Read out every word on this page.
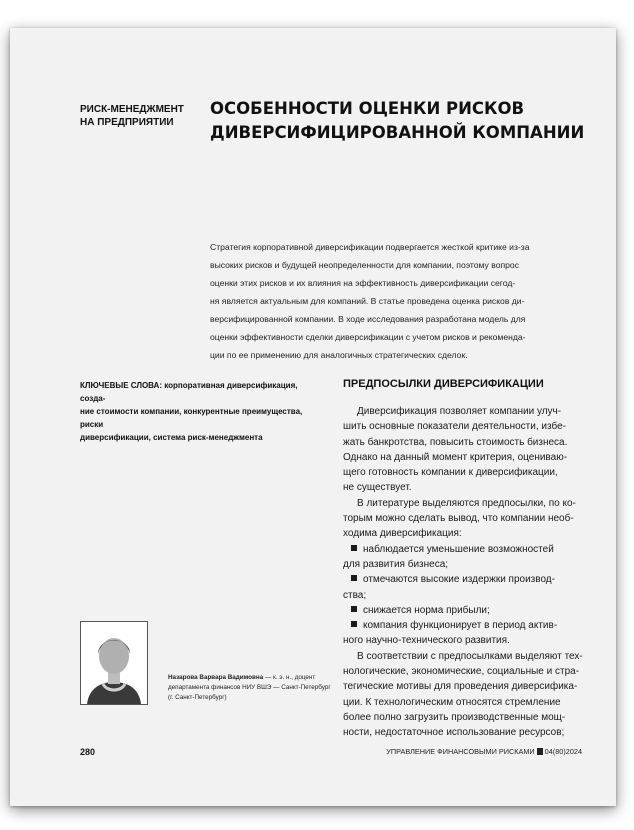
РИСК-МЕНЕДЖМЕНТ
НА ПРЕДПРИЯТИИ
ОСОБЕННОСТИ ОЦЕНКИ РИСКОВ
ДИВЕРСИФИЦИРОВАННОЙ КОМПАНИИ
Стратегия корпоративной диверсификации подвергается жесткой критике из-за
высоких рисков и будущей неопределенности для компании, поэтому вопрос
оценки этих рисков и их влияния на эффективность диверсификации сегод-
ня является актуальным для компаний. В статье проведена оценка рисков ди-
версифицированной компании. В ходе исследования разработана модель для
оценки эффективности сделки диверсификации с учетом рисков и рекоменда-
ции по ее применению для аналогичных стратегических сделок.
КЛЮЧЕВЫЕ СЛОВА: корпоративная диверсификация, созда-
ние стоимости компании, конкурентные преимущества, риски
диверсификации, система риск-менеджмента
ПРЕДПОСЫЛКИ ДИВЕРСИФИКАЦИИ
Диверсификация позволяет компании улуч-
шить основные показатели деятельности, избе-
жать банкротства, повысить стоимость бизнеса.
Однако на данный момент критерия, оцениваю-
щего готовность компании к диверсификации,
не существует.
В литературе выделяются предпосылки, по ко-
торым можно сделать вывод, что компании необ-
ходима диверсификация:
наблюдается уменьшение возможностей
для развития бизнеса;
отмечаются высокие издержки производ-
ства;
снижается норма прибыли;
компания функционирует в период актив-
ного научно-технического развития.
В соответствии с предпосылками выделяют тех-
нологические, экономические, социальные и стра-
тегические мотивы для проведения диверсифика-
ции. К технологическим относятся стремление
более полно загрузить производственные мощ-
ности, недостаточное использование ресурсов;
Назарова Варвара Вадимовна — к. э. н., доцент
департамента финансов НИУ ВШЭ — Санкт-Петербург
(г. Санкт-Петербург)
280	УПРАВЛЕНИЕ ФИНАНСОВЫМИ РИСКАМИ 04(80)2024
